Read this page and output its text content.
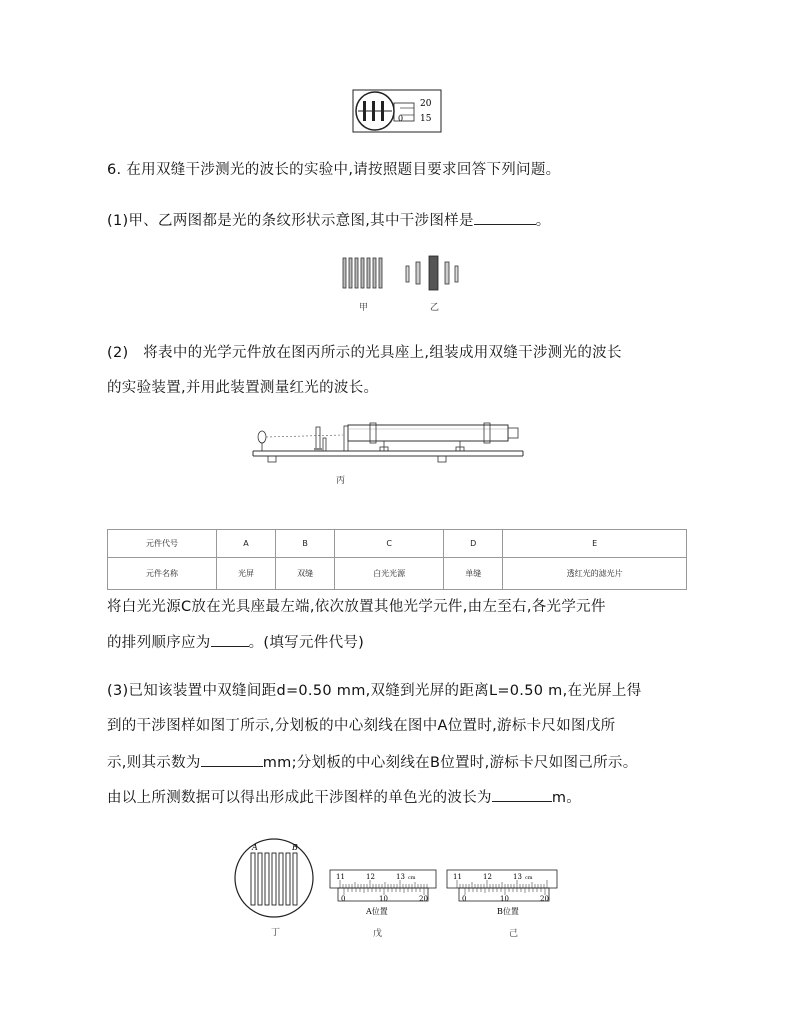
20
15
0
6. 在用双缝干涉测光的波长的实验中,请按照题目要求回答下列问题。
(1)甲、乙两图都是光的条纹形状示意图,其中干涉图样是	。
甲	乙
(2)　将表中的光学元件放在图丙所示的光具座上,组装成用双缝干涉测光的波长
的实验装置,并用此装置测量红光的波长。
丙
元件代号	A	B	C	D	E
元件名称	光屏	双缝	白光光源	单缝	透红光的滤光片
将白光光源C放在光具座最左端,依次放置其他光学元件,由左至右,各光学元件
的排列顺序应为	。(填写元件代号)
(3)已知该装置中双缝间距d=0.50 mm,双缝到光屏的距离L=0.50 m,在光屏上得
到的干涉图样如图丁所示,分划板的中心刻线在图中A位置时,游标卡尺如图戊所
示,则其示数为	mm;分划板的中心刻线在B位置时,游标卡尺如图己所示。
由以上所测数据可以得出形成此干涉图样的单色光的波长为	m。
A	B
丁
11	12	13 cm
0	10	20
A位置
戊
11	12	13 cm
0	10	20
B位置
己
